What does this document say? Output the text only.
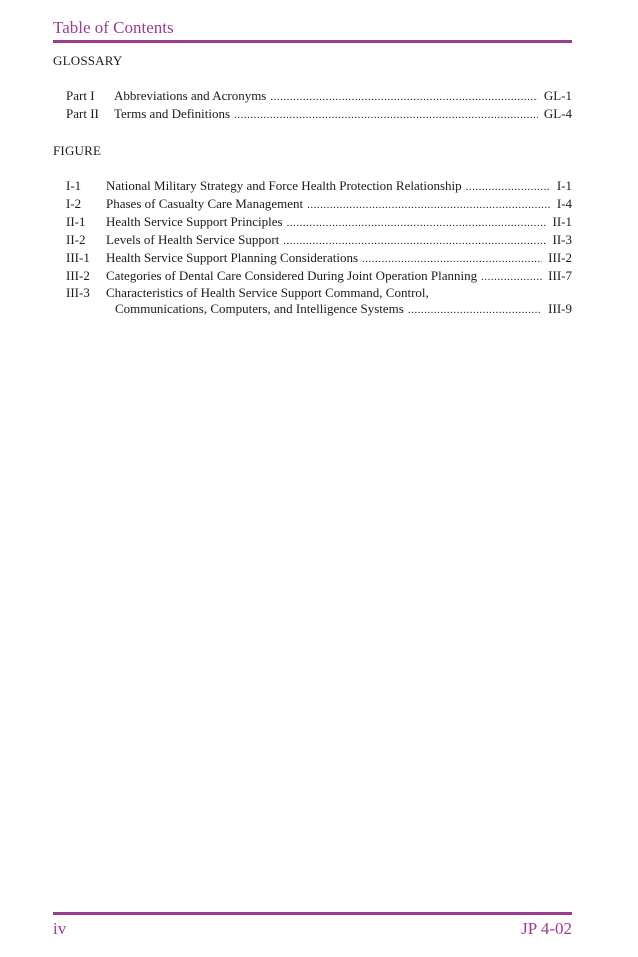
Table of Contents
GLOSSARY
Part I	Abbreviations and Acronyms .....	GL-1
Part II	Terms and Definitions .....	GL-4
FIGURE
I-1	National Military Strategy and Force Health Protection Relationship .....	I-1
I-2	Phases of Casualty Care Management .....	I-4
II-1	Health Service Support Principles .....	II-1
II-2	Levels of Health Service Support .....	II-3
III-1	Health Service Support Planning Considerations .....	III-2
III-2	Categories of Dental Care Considered During Joint Operation Planning .....	III-7
III-3	Characteristics of Health Service Support Command, Control,
Communications, Computers, and Intelligence Systems .....	III-9
iv	JP 4-02
